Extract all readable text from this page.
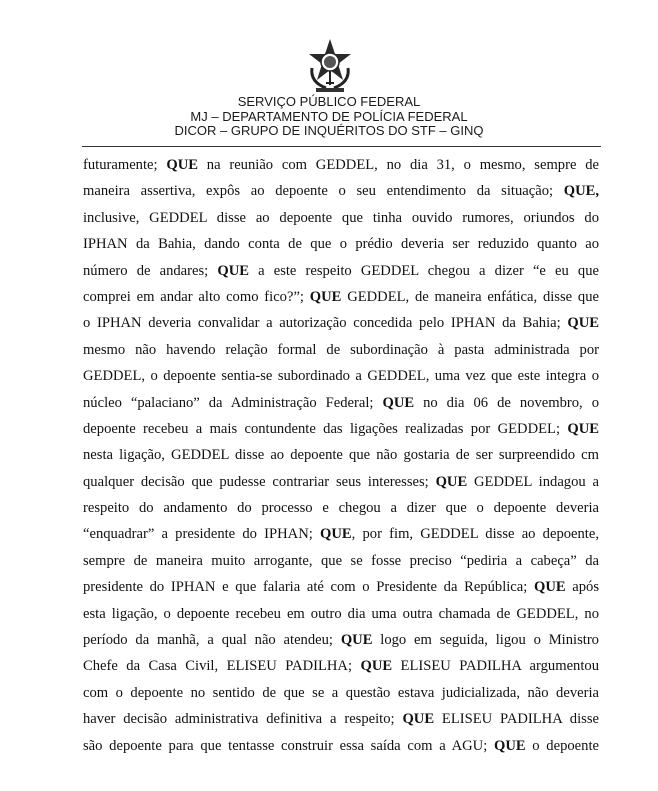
SERVIÇO PÚBLICO FEDERAL
MJ – DEPARTAMENTO DE POLÍCIA FEDERAL
DICOR – GRUPO DE INQUÉRITOS DO STF – GINQ
futuramente; QUE na reunião com GEDDEL, no dia 31, o mesmo, sempre de
maneira assertiva, expôs ao depoente o seu entendimento da situação; QUE,
inclusive, GEDDEL disse ao depoente que tinha ouvido rumores, oriundos do
IPHAN da Bahia, dando conta de que o prédio deveria ser reduzido quanto ao
número de andares; QUE a este respeito GEDDEL chegou a dizer “e eu que
comprei em andar alto como fico?”; QUE GEDDEL, de maneira enfática, disse que
o IPHAN deveria convalidar a autorização concedida pelo IPHAN da Bahia; QUE
mesmo não havendo relação formal de subordinação à pasta administrada por
GEDDEL, o depoente sentia-se subordinado a GEDDEL, uma vez que este integra o
núcleo “palaciano” da Administração Federal; QUE no dia 06 de novembro, o
depoente recebeu a mais contundente das ligações realizadas por GEDDEL; QUE
nesta ligação, GEDDEL disse ao depoente que não gostaria de ser surpreendido cm
qualquer decisão que pudesse contrariar seus interesses; QUE GEDDEL indagou a
respeito do andamento do processo e chegou a dizer que o depoente deveria
“enquadrar” a presidente do IPHAN; QUE, por fim, GEDDEL disse ao depoente,
sempre de maneira muito arrogante, que se fosse preciso “pediria a cabeça” da
presidente do IPHAN e que falaria até com o Presidente da República; QUE após
esta ligação, o depoente recebeu em outro dia uma outra chamada de GEDDEL, no
período da manhã, a qual não atendeu; QUE logo em seguida, ligou o Ministro
Chefe da Casa Civil, ELISEU PADILHA; QUE ELISEU PADILHA argumentou
com o depoente no sentido de que se a questão estava judicializada, não deveria
haver decisão administrativa definitiva a respeito; QUE ELISEU PADILHA disse
são depoente para que tentasse construir essa saída com a AGU; QUE o depoente
